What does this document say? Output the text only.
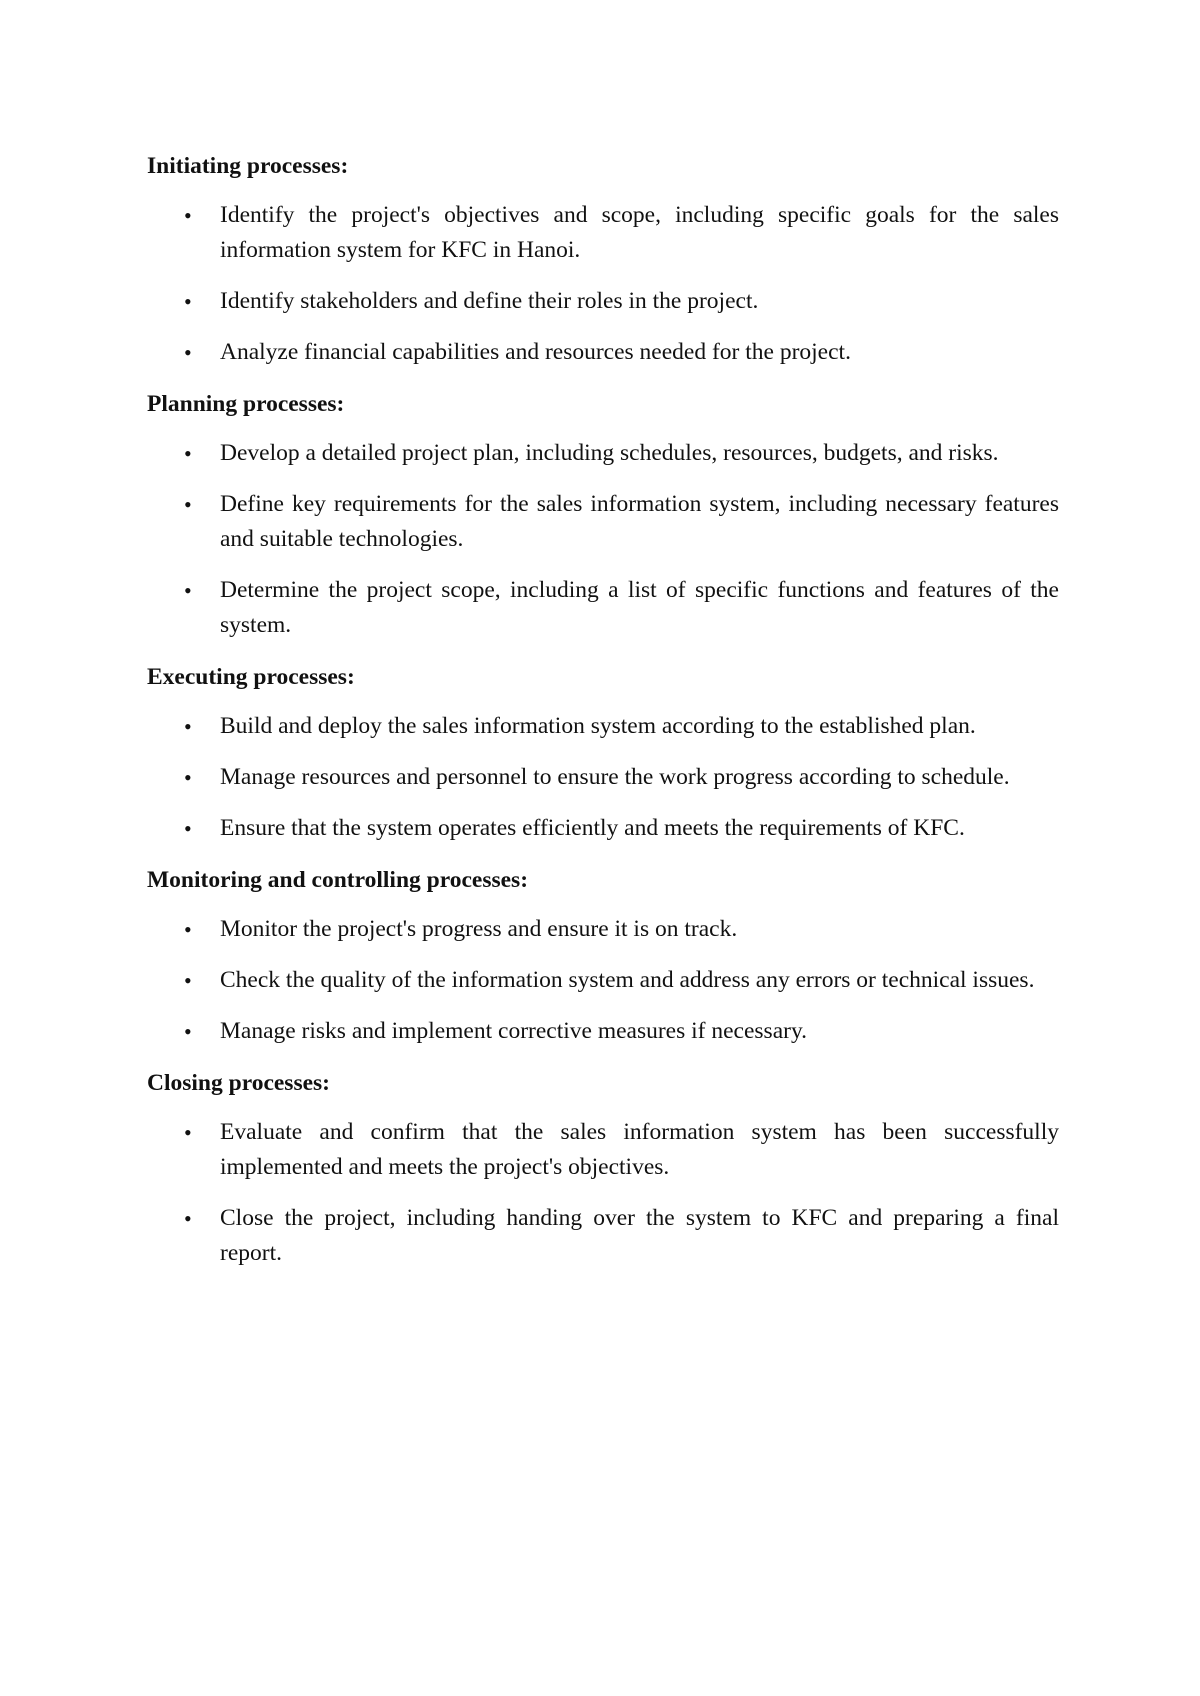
Initiating processes:
• Identify the project's objectives and scope, including specific goals for the sales information system for KFC in Hanoi.
• Identify stakeholders and define their roles in the project.
• Analyze financial capabilities and resources needed for the project.
Planning processes:
• Develop a detailed project plan, including schedules, resources, budgets, and risks.
• Define key requirements for the sales information system, including necessary features and suitable technologies.
• Determine the project scope, including a list of specific functions and features of the system.
Executing processes:
• Build and deploy the sales information system according to the established plan.
• Manage resources and personnel to ensure the work progress according to schedule.
• Ensure that the system operates efficiently and meets the requirements of KFC.
Monitoring and controlling processes:
• Monitor the project's progress and ensure it is on track.
• Check the quality of the information system and address any errors or technical issues.
• Manage risks and implement corrective measures if necessary.
Closing processes:
• Evaluate and confirm that the sales information system has been successfully implemented and meets the project's objectives.
• Close the project, including handing over the system to KFC and preparing a final report.
